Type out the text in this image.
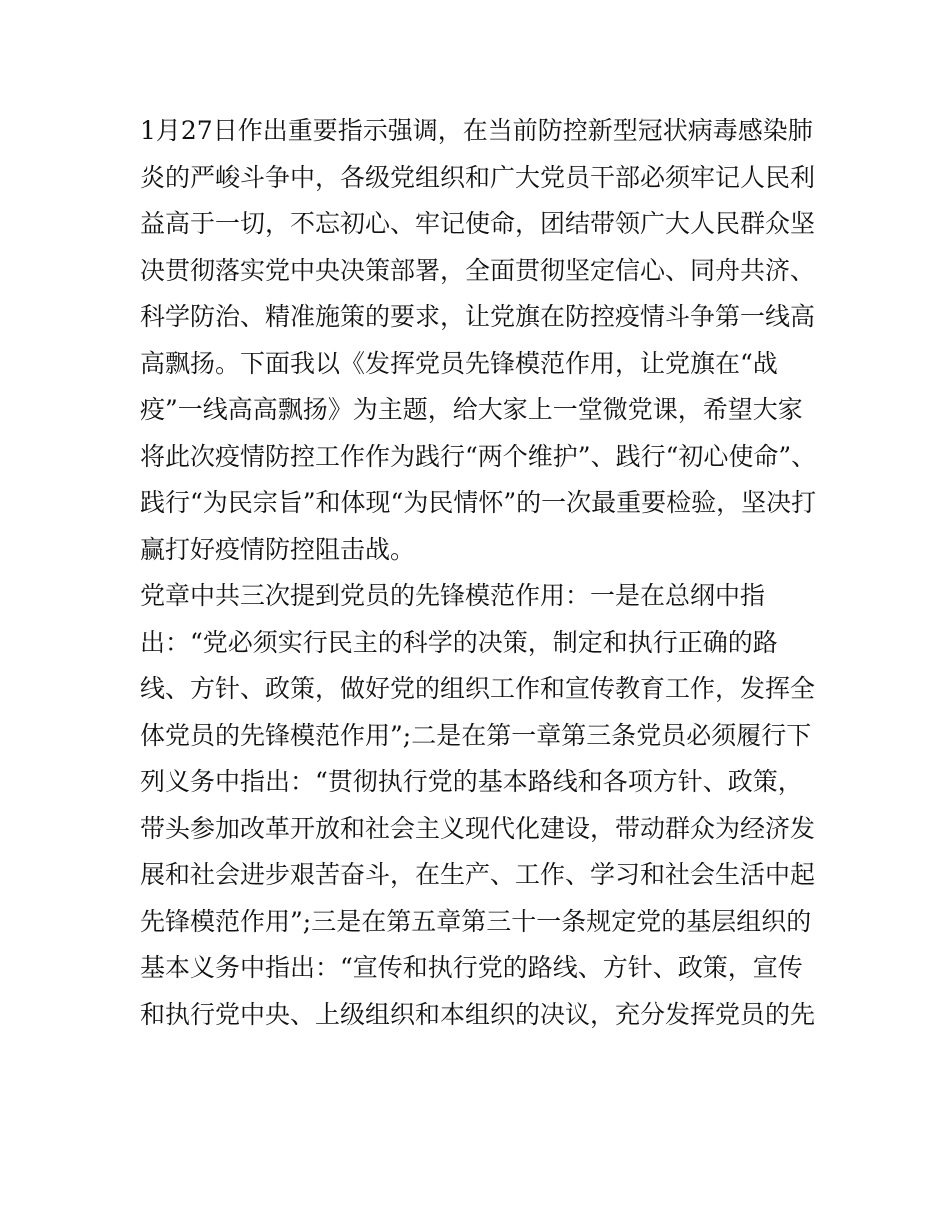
1月27日作出重要指示强调，在当前防控新型冠状病毒感染肺
炎的严峻斗争中，各级党组织和广大党员干部必须牢记人民利
益高于一切，不忘初心、牢记使命，团结带领广大人民群众坚
决贯彻落实党中央决策部署，全面贯彻坚定信心、同舟共济、
科学防治、精准施策的要求，让党旗在防控疫情斗争第一线高
高飘扬。下面我以《发挥党员先锋模范作用，让党旗在“战
疫”一线高高飘扬》为主题，给大家上一堂微党课，希望大家
将此次疫情防控工作作为践行“两个维护”、践行“初心使命”、
践行“为民宗旨”和体现“为民情怀”的一次最重要检验，坚决打
赢打好疫情防控阻击战。
党章中共三次提到党员的先锋模范作用：一是在总纲中指
出：“党必须实行民主的科学的决策，制定和执行正确的路
线、方针、政策，做好党的组织工作和宣传教育工作，发挥全
体党员的先锋模范作用”;二是在第一章第三条党员必须履行下
列义务中指出：“贯彻执行党的基本路线和各项方针、政策，
带头参加改革开放和社会主义现代化建设，带动群众为经济发
展和社会进步艰苦奋斗，在生产、工作、学习和社会生活中起
先锋模范作用”;三是在第五章第三十一条规定党的基层组织的
基本义务中指出：“宣传和执行党的路线、方针、政策，宣传
和执行党中央、上级组织和本组织的决议，充分发挥党员的先
